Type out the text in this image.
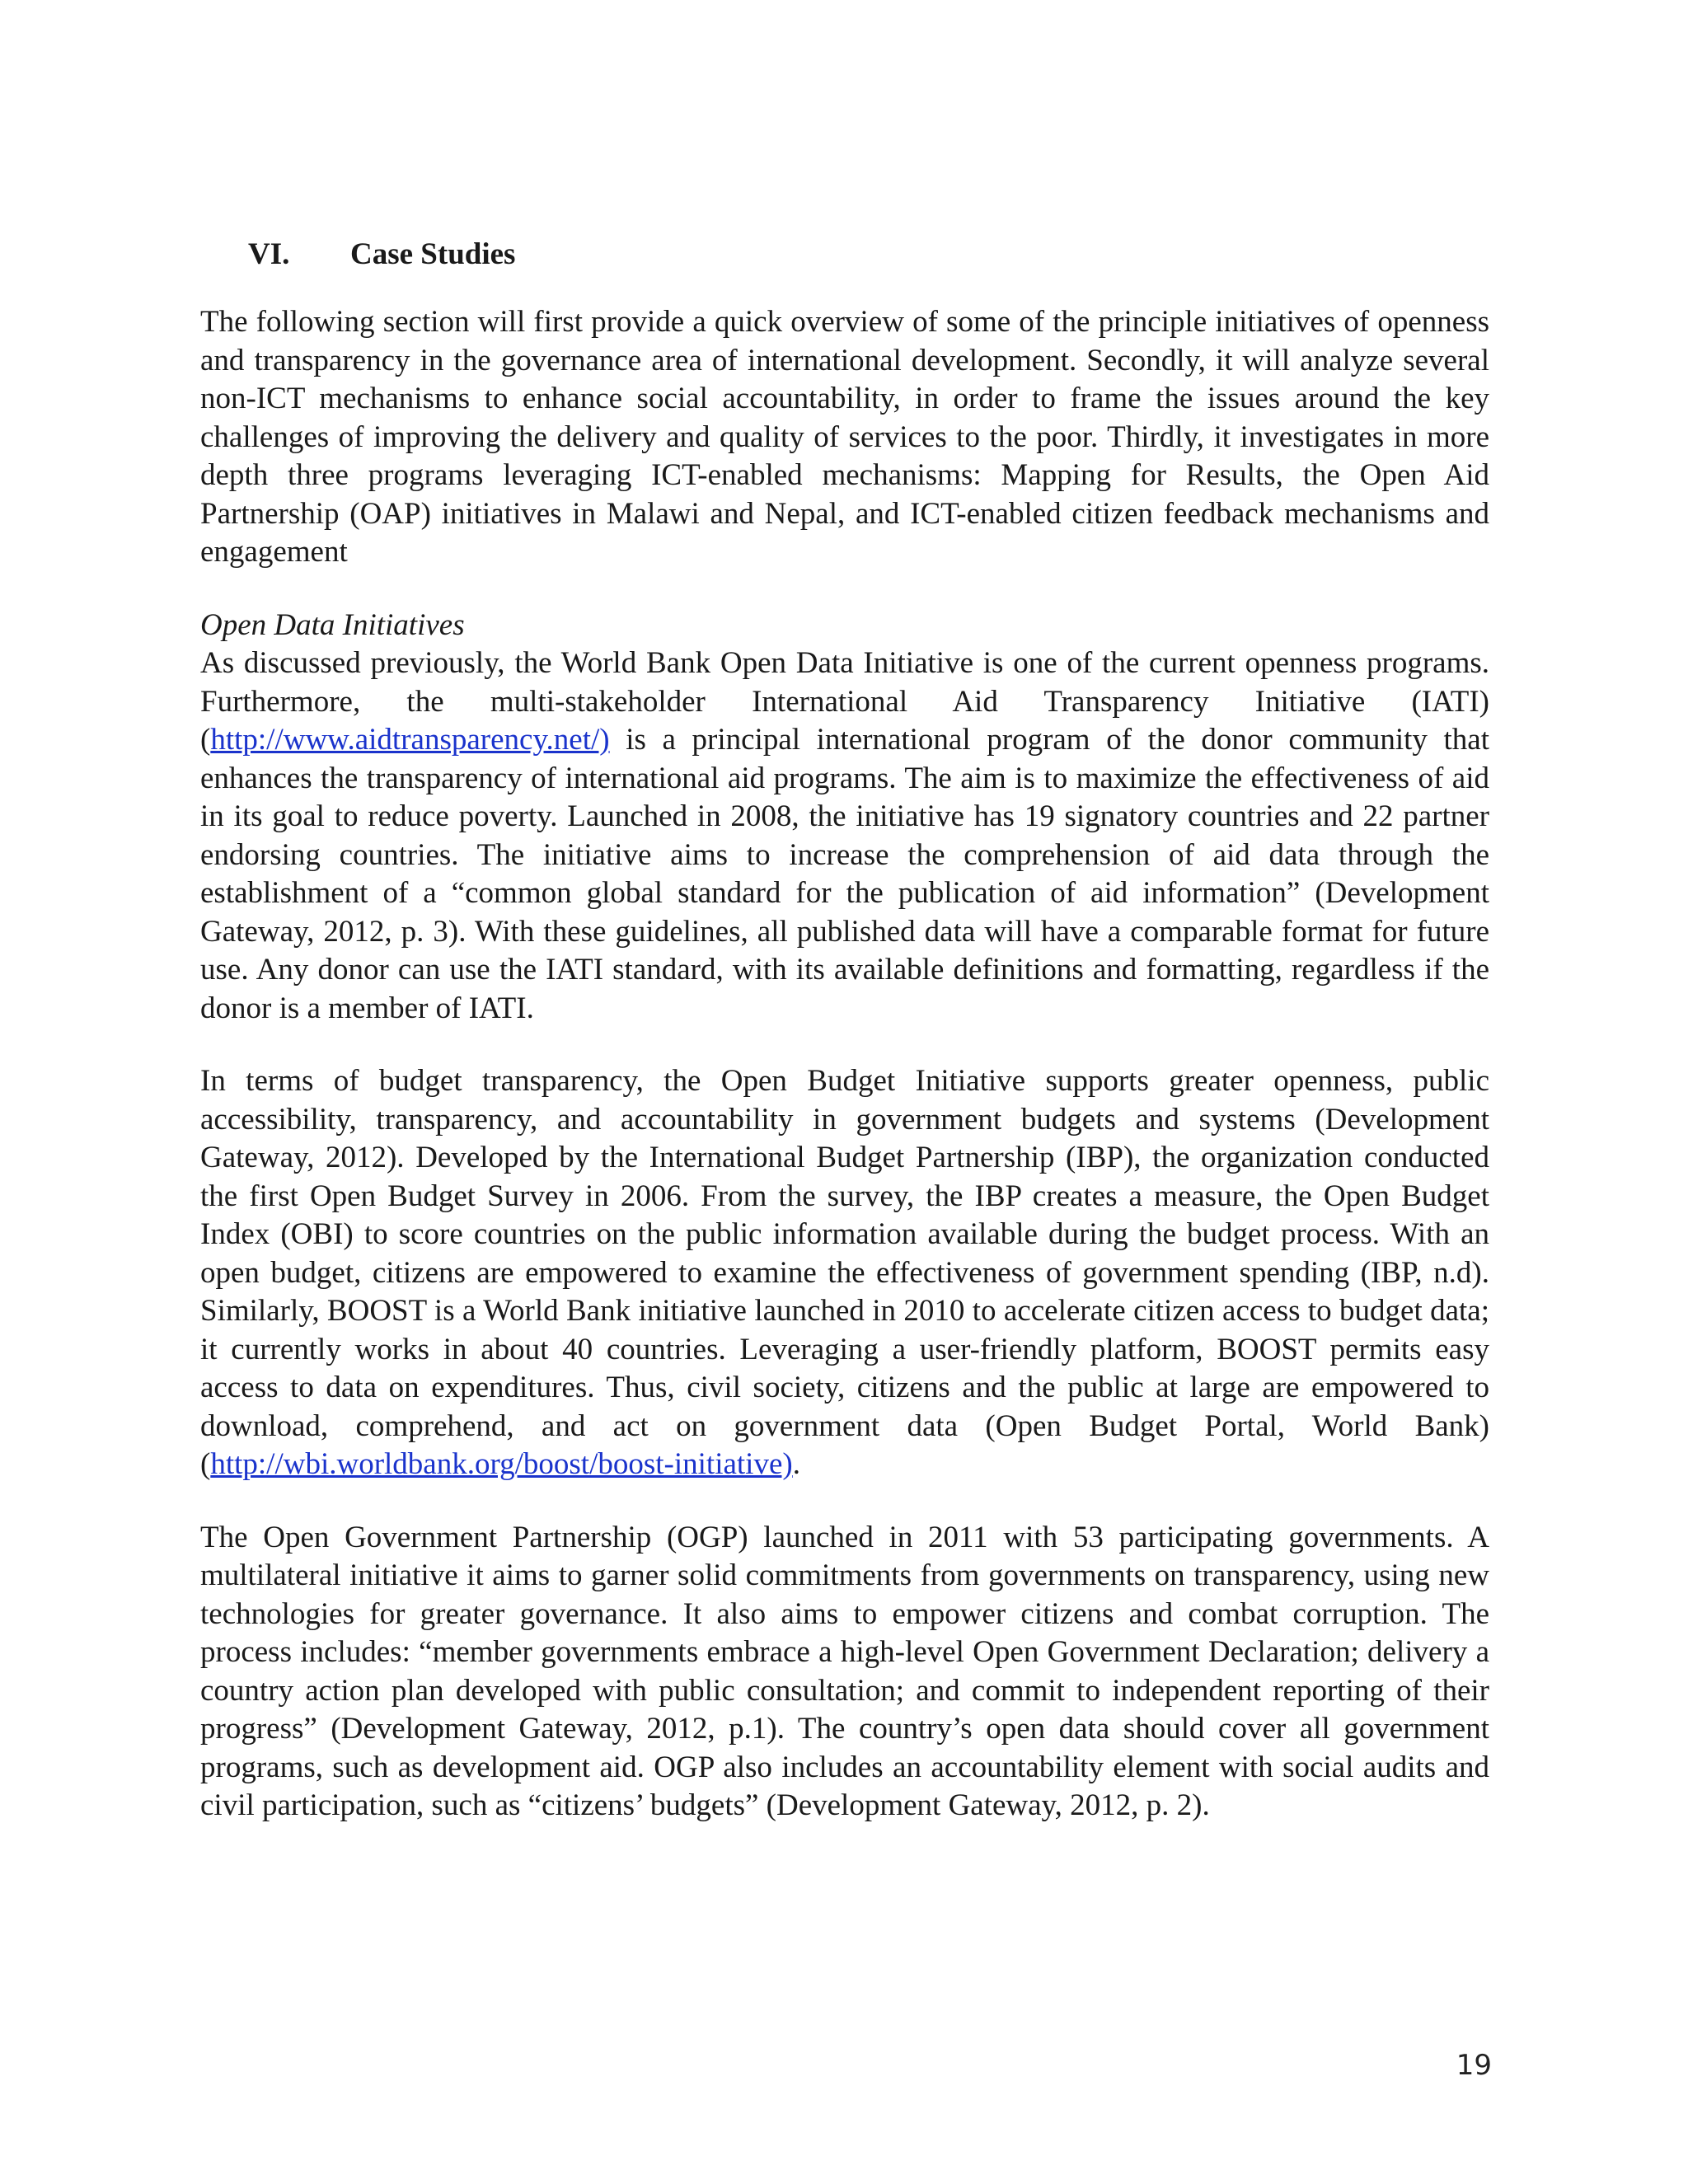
VI.	Case Studies

The following section will first provide a quick overview of some of the principle initiatives of openness and transparency in the governance area of international development. Secondly, it will analyze several non-ICT mechanisms to enhance social accountability, in order to frame the issues around the key challenges of improving the delivery and quality of services to the poor. Thirdly, it investigates in more depth three programs leveraging ICT-enabled mechanisms: Mapping for Results, the Open Aid Partnership (OAP) initiatives in Malawi and Nepal, and ICT-enabled citizen feedback mechanisms and engagement

Open Data Initiatives

As discussed previously, the World Bank Open Data Initiative is one of the current openness programs. Furthermore, the multi-stakeholder International Aid Transparency Initiative (IATI) (http://www.aidtransparency.net/) is a principal international program of the donor community that enhances the transparency of international aid programs. The aim is to maximize the effectiveness of aid in its goal to reduce poverty. Launched in 2008, the initiative has 19 signatory countries and 22 partner endorsing countries. The initiative aims to increase the comprehension of aid data through the establishment of a “common global standard for the publication of aid information” (Development Gateway, 2012, p. 3). With these guidelines, all published data will have a comparable format for future use. Any donor can use the IATI standard, with its available definitions and formatting, regardless if the donor is a member of IATI.

In terms of budget transparency, the Open Budget Initiative supports greater openness, public accessibility, transparency, and accountability in government budgets and systems (Development Gateway, 2012). Developed by the International Budget Partnership (IBP), the organization conducted the first Open Budget Survey in 2006. From the survey, the IBP creates a measure, the Open Budget Index (OBI) to score countries on the public information available during the budget process. With an open budget, citizens are empowered to examine the effectiveness of government spending (IBP, n.d). Similarly, BOOST is a World Bank initiative launched in 2010 to accelerate citizen access to budget data; it currently works in about 40 countries. Leveraging a user-friendly platform, BOOST permits easy access to data on expenditures. Thus, civil society, citizens and the public at large are empowered to download, comprehend, and act on government data (Open Budget Portal, World Bank) (http://wbi.worldbank.org/boost/boost-initiative).

The Open Government Partnership (OGP) launched in 2011 with 53 participating governments. A multilateral initiative it aims to garner solid commitments from governments on transparency, using new technologies for greater governance. It also aims to empower citizens and combat corruption. The process includes: “member governments embrace a high-level Open Government Declaration; delivery a country action plan developed with public consultation; and commit to independent reporting of their progress” (Development Gateway, 2012, p.1). The country’s open data should cover all government programs, such as development aid. OGP also includes an accountability element with social audits and civil participation, such as “citizens’ budgets” (Development Gateway, 2012, p. 2).

19
